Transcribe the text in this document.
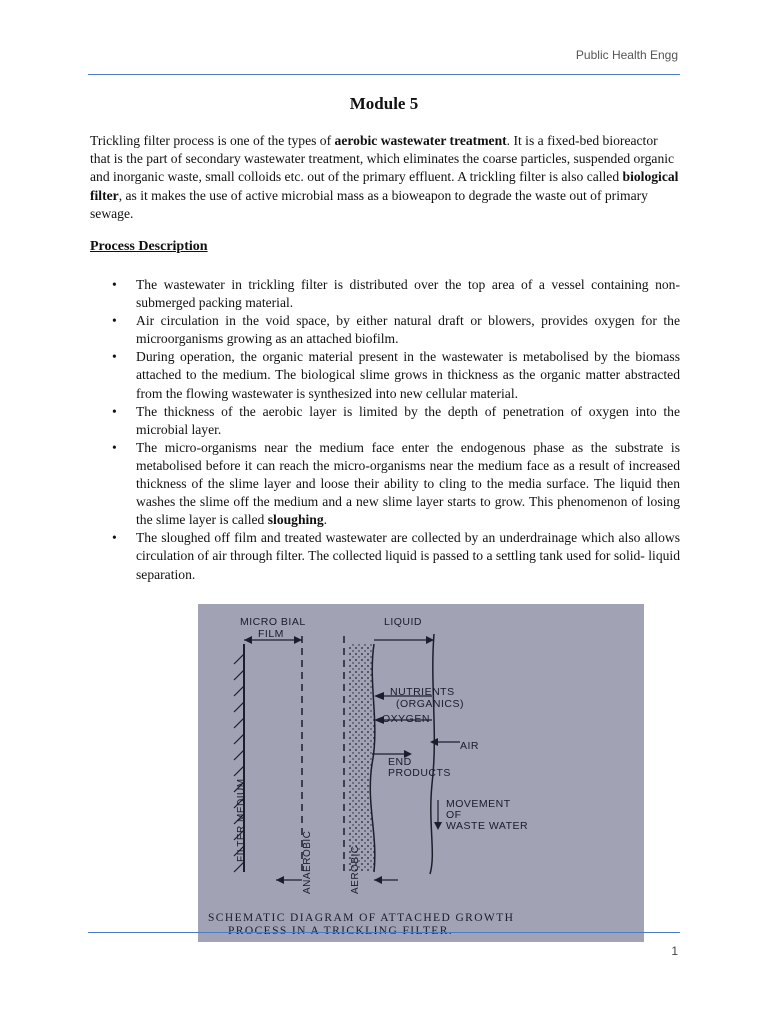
Public Health Engg
Module 5

Trickling filter process is one of the types of aerobic wastewater treatment. It is a fixed-bed bioreactor that is the part of secondary wastewater treatment, which eliminates the coarse particles, suspended organic and inorganic waste, small colloids etc. out of the primary effluent. A trickling filter is also called biological filter, as it makes the use of active microbial mass as a bioweapon to degrade the waste out of primary sewage.

Process Description
• The wastewater in trickling filter is distributed over the top area of a vessel containing non-submerged packing material.
• Air circulation in the void space, by either natural draft or blowers, provides oxygen for the microorganisms growing as an attached biofilm.
• During operation, the organic material present in the wastewater is metabolised by the biomass attached to the medium. The biological slime grows in thickness as the organic matter abstracted from the flowing wastewater is synthesized into new cellular material.
• The thickness of the aerobic layer is limited by the depth of penetration of oxygen into the microbial layer.
• The micro-organisms near the medium face enter the endogenous phase as the substrate is metabolised before it can reach the micro-organisms near the medium face as a result of increased thickness of the slime layer and loose their ability to cling to the media surface. The liquid then washes the slime off the medium and a new slime layer starts to grow. This phenomenon of losing the slime layer is called sloughing.
• The sloughed off film and treated wastewater are collected by an underdrainage which also allows circulation of air through filter. The collected liquid is passed to a settling tank used for solid- liquid separation.
MICRO BIAL
FILM
LIQUID
NUTRIENTS
(ORGANICS)
OXYGEN
AIR
END
PRODUCTS
MOVEMENT
OF
WASTE WATER
FILTER MEDIUM
ANAEROBIC	AEROBIC
SCHEMATIC DIAGRAM OF ATTACHED GROWTH
PROCESS IN A TRICKLING FILTER.
1
